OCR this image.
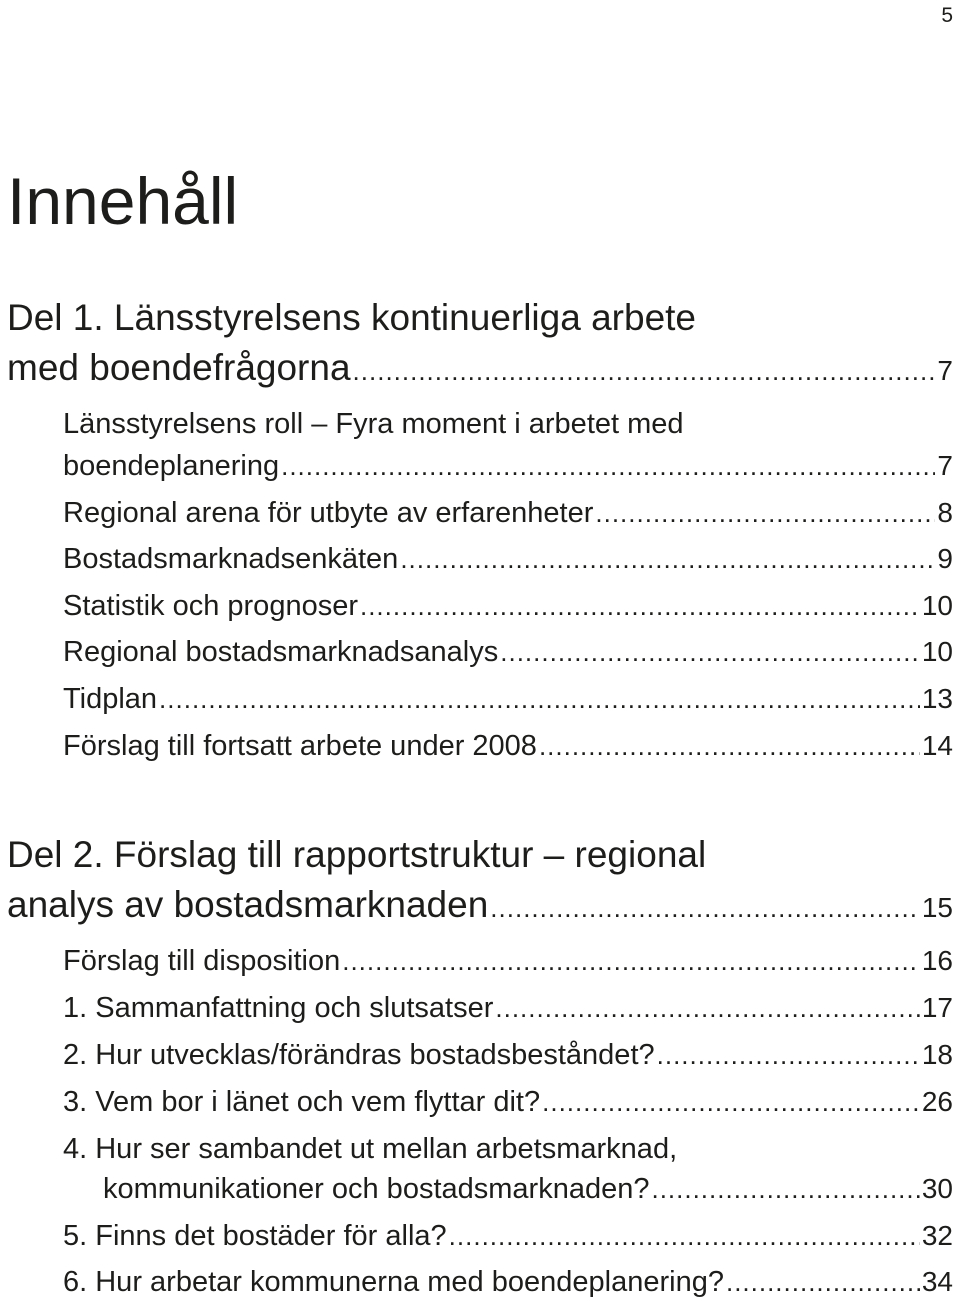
5
Innehåll
Del 1. Länsstyrelsens kontinuerliga arbete
med boendefrågorna .....	7
Länsstyrelsens roll – Fyra moment i arbetet med
boendeplanering .....	7
Regional arena för utbyte av erfarenheter .....	8
Bostadsmarknadsenkäten .....	9
Statistik och prognoser .....	10
Regional bostadsmarknadsanalys .....	10
Tidplan .....	13
Förslag till fortsatt arbete under 2008 .....	14
Del 2. Förslag till rapportstruktur – regional
analys av bostadsmarknaden .....	15
Förslag till disposition .....	16
1. Sammanfattning och slutsatser .....	17
2. Hur utvecklas/förändras bostadsbeståndet? .....	18
3. Vem bor i länet och vem flyttar dit? .....	26
4. Hur ser sambandet ut mellan arbetsmarknad,
kommunikationer och bostadsmarknaden? .....	30
5. Finns det bostäder för alla? .....	32
6. Hur arbetar kommunerna med boendeplanering? .....	34
